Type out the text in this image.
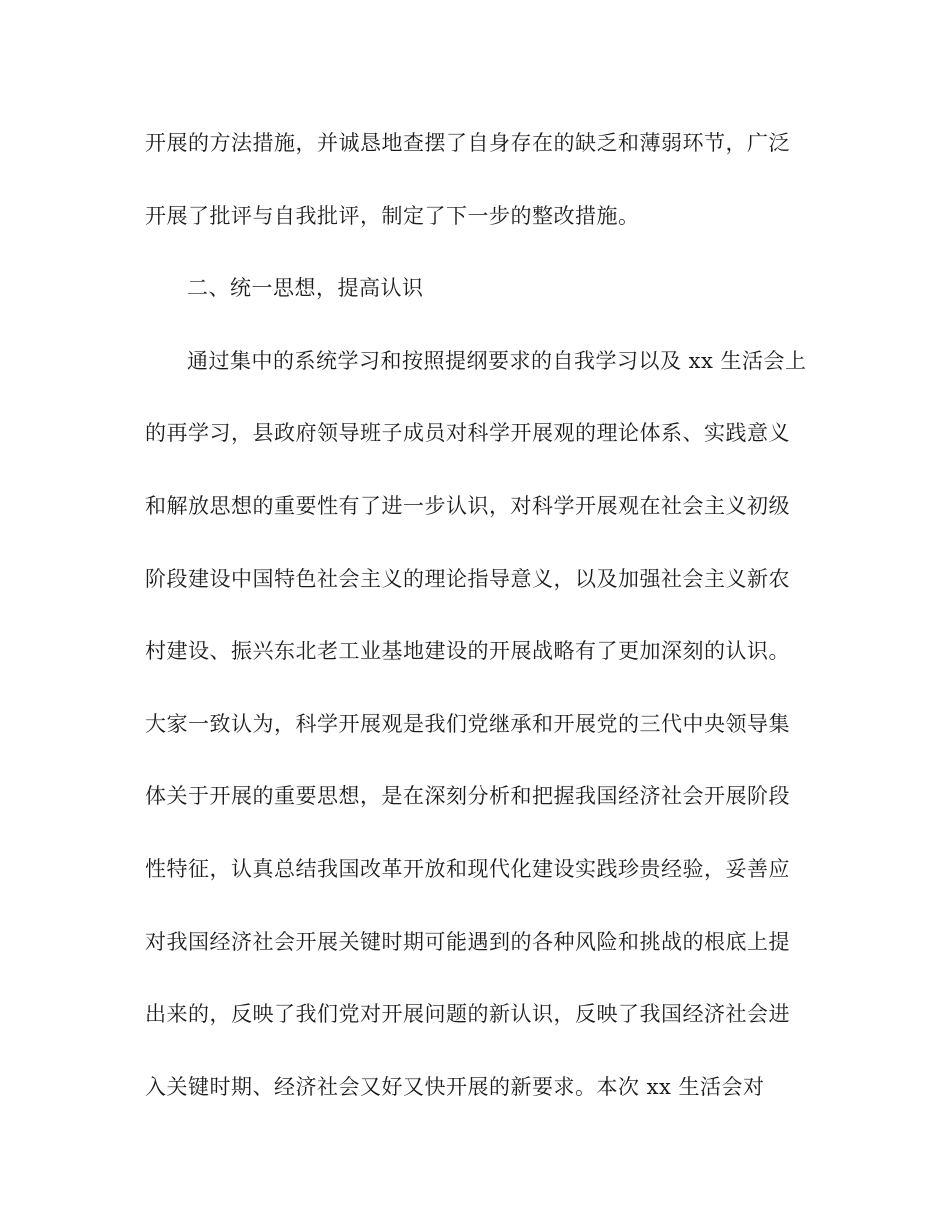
开展的方法措施，并诚恳地查摆了自身存在的缺乏和薄弱环节，广泛
开展了批评与自我批评，制定了下一步的整改措施。
二、统一思想，提高认识
通过集中的系统学习和按照提纲要求的自我学习以及 xx 生活会上
的再学习，县政府领导班子成员对科学开展观的理论体系、实践意义
和解放思想的重要性有了进一步认识，对科学开展观在社会主义初级
阶段建设中国特色社会主义的理论指导意义，以及加强社会主义新农
村建设、振兴东北老工业基地建设的开展战略有了更加深刻的认识。
大家一致认为，科学开展观是我们党继承和开展党的三代中央领导集
体关于开展的重要思想，是在深刻分析和把握我国经济社会开展阶段
性特征，认真总结我国改革开放和现代化建设实践珍贵经验，妥善应
对我国经济社会开展关键时期可能遇到的各种风险和挑战的根底上提
出来的，反映了我们党对开展问题的新认识，反映了我国经济社会进
入关键时期、经济社会又好又快开展的新要求。本次 xx 生活会对
